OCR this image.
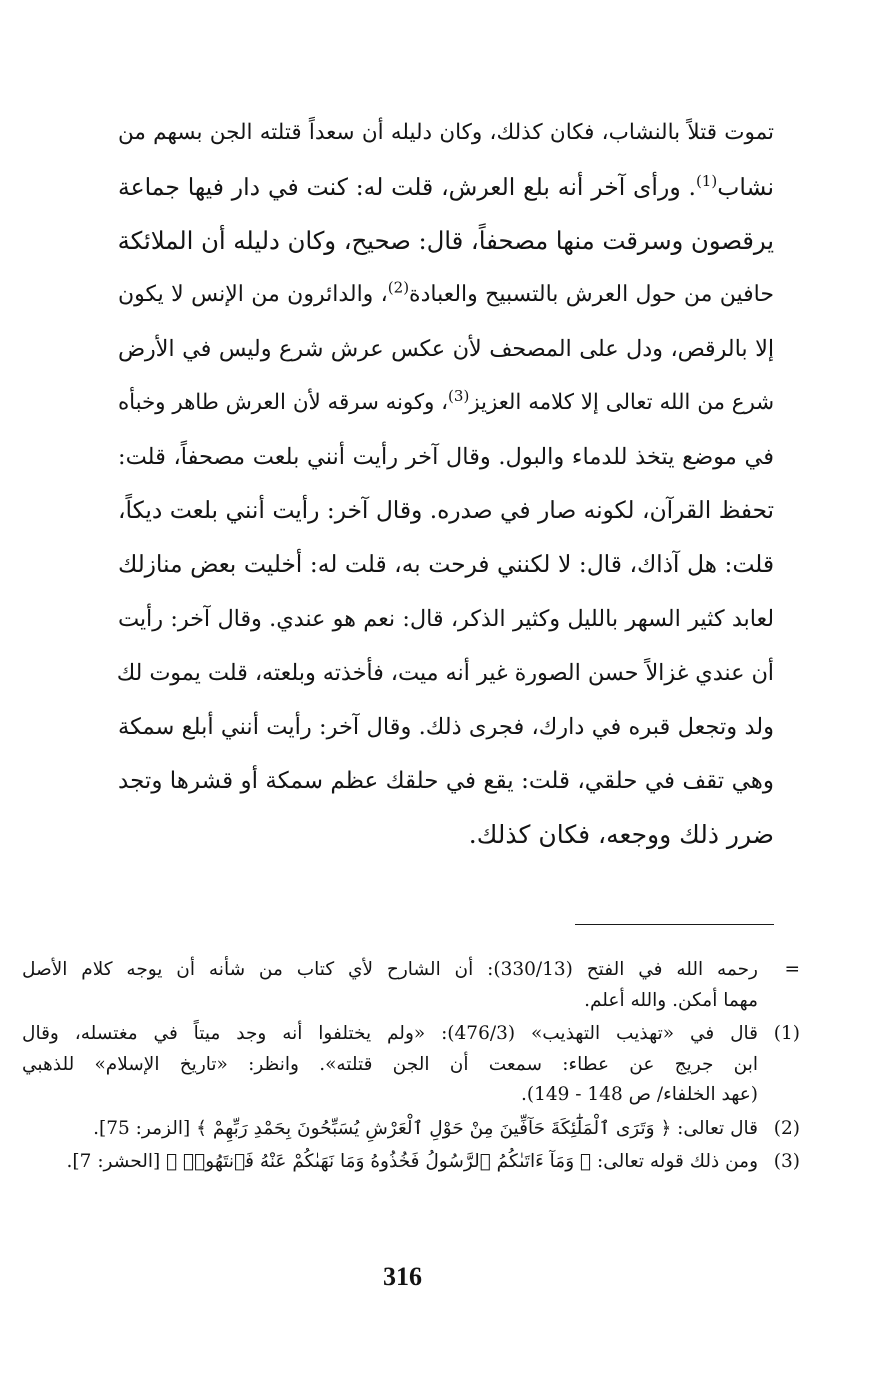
تموت قتلاً بالنشاب، فكان كذلك، وكان دليله أن سعداً قتلته الجن بسهم من
نشاب$^{(1)}$. ورأى آخر أنه بلع العرش، قلت له: كنت في دار فيها جماعة
يرقصون وسرقت منها مصحفاً، قال: صحيح، وكان دليله أن الملائكة
حافين من حول العرش بالتسبيح والعبادة$^{(2)}$، والدائرون من الإنس لا يكون
إلا بالرقص، ودل على المصحف لأن عكس عرش شرع وليس في الأرض
شرع من الله تعالى إلا كلامه العزيز$^{(3)}$، وكونه سرقه لأن العرش طاهر وخبأه
في موضع يتخذ للدماء والبول. وقال آخر رأيت أنني بلعت مصحفاً، قلت:
تحفظ القرآن، لكونه صار في صدره. وقال آخر: رأيت أنني بلعت ديكاً،
قلت: هل آذاك، قال: لا لكنني فرحت به، قلت له: أخليت بعض منازلك
لعابد كثير السهر بالليل وكثير الذكر، قال: نعم هو عندي. وقال آخر: رأيت
أن عندي غزالاً حسن الصورة غير أنه ميت، فأخذته وبلعته، قلت يموت لك
ولد وتجعل قبره في دارك، فجرى ذلك. وقال آخر: رأيت أنني أبلع سمكة
وهي تقف في حلقي، قلت: يقع في حلقك عظم سمكة أو قشرها وتجد
ضرر ذلك ووجعه، فكان كذلك.
=
رحمه الله في الفتح (330/13): أن الشارح لأي كتاب من شأنه أن يوجه كلام الأصل
مهما أمكن. والله أعلم.
(1)
قال في «تهذيب التهذيب» (476/3): «ولم يختلفوا أنه وجد ميتاً في مغتسله، وقال
ابن جريج عن عطاء: سمعت أن الجن قتلته». وانظر: «تاريخ الإسلام» للذهبي
(عهد الخلفاء/ ص 148 - 149).
(2)
قال تعالى: ﴿ وَتَرَى ٱلْمَلَٰٓئِكَةَ حَآفِّينَ مِنْ حَوْلِ ٱلْعَرْشِ يُسَبِّحُونَ بِحَمْدِ رَبِّهِمْ ﴾ [الزمر: 75].
(3)
ومن ذلك قوله تعالى: ﴿ وَمَآ ءَاتَىٰكُمُ ٱلرَّسُولُ فَخُذُوهُ وَمَا نَهَىٰكُمْ عَنْهُ فَٱنتَهُوا۟ ﴾ [الحشر: 7].
316
